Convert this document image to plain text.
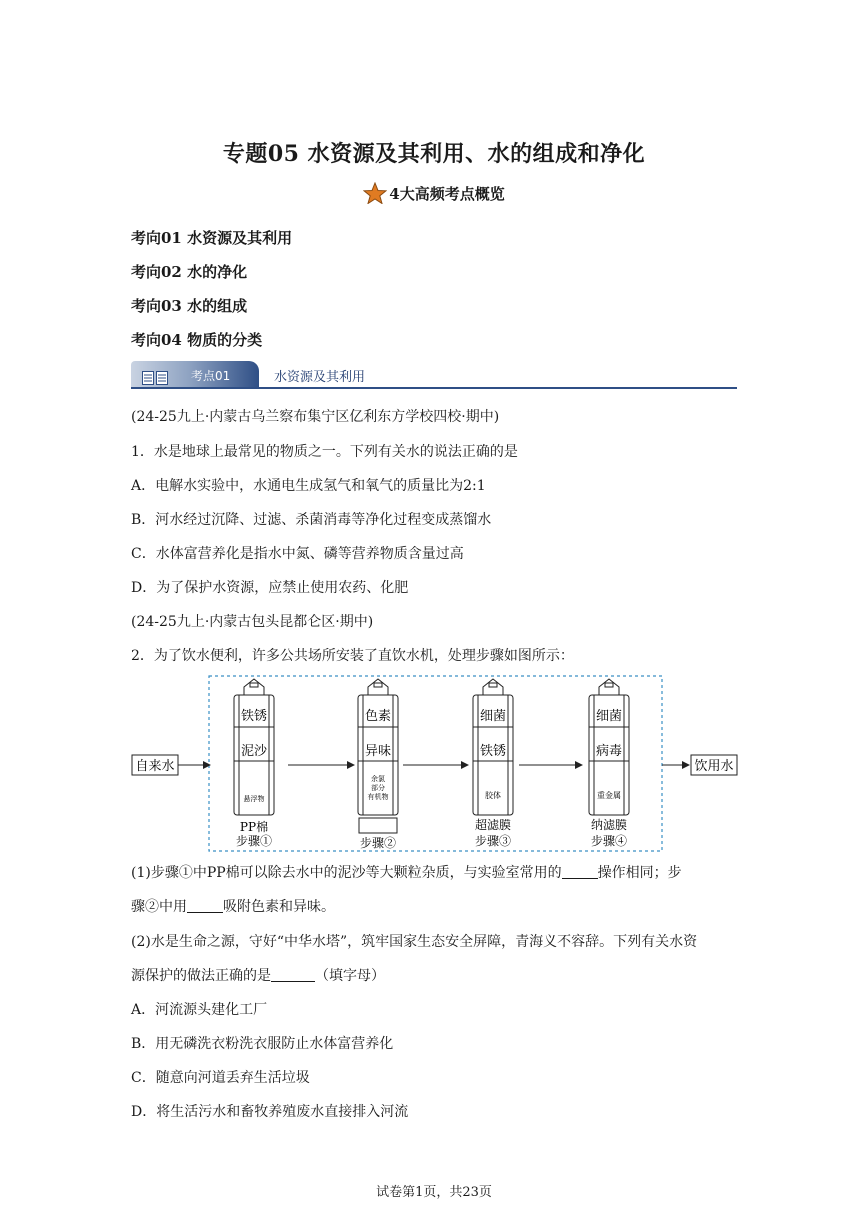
专题05 水资源及其利用、水的组成和净化
4大高频考点概览
考向01 水资源及其利用
考向02 水的净化
考向03 水的组成
考向04 物质的分类
考点01	水资源及其利用
(24-25九上·内蒙古乌兰察布集宁区亿利东方学校四校·期中)
1．水是地球上最常见的物质之一。下列有关水的说法正确的是
A．电解水实验中，水通电生成氢气和氧气的质量比为2:1
B．河水经过沉降、过滤、杀菌消毒等净化过程变成蒸馏水
C．水体富营养化是指水中氮、磷等营养物质含量过高
D．为了保护水资源，应禁止使用农药、化肥
(24-25九上·内蒙古包头昆都仑区·期中)
2．为了饮水便利，许多公共场所安装了直饮水机，处理步骤如图所示：
自来水	饮用水
铁锈
泥沙
悬浮物
PP棉
步骤①
色素
异味
余氯
部分
有机物
步骤②
细菌
铁锈
胶体
超滤膜
步骤③
细菌
病毒
重金属
纳滤膜
步骤④
(1)步骤①中PP棉可以除去水中的泥沙等大颗粒杂质，与实验室常用的	操作相同；步
骤②中用	吸附色素和异味。
(2)水是生命之源，守好“中华水塔”，筑牢国家生态安全屏障，青海义不容辞。下列有关水资
源保护的做法正确的是	（填字母）
A．河流源头建化工厂
B．用无磷洗衣粉洗衣服防止水体富营养化
C．随意向河道丢弃生活垃圾
D．将生活污水和畜牧养殖废水直接排入河流
试卷第1页，共23页
